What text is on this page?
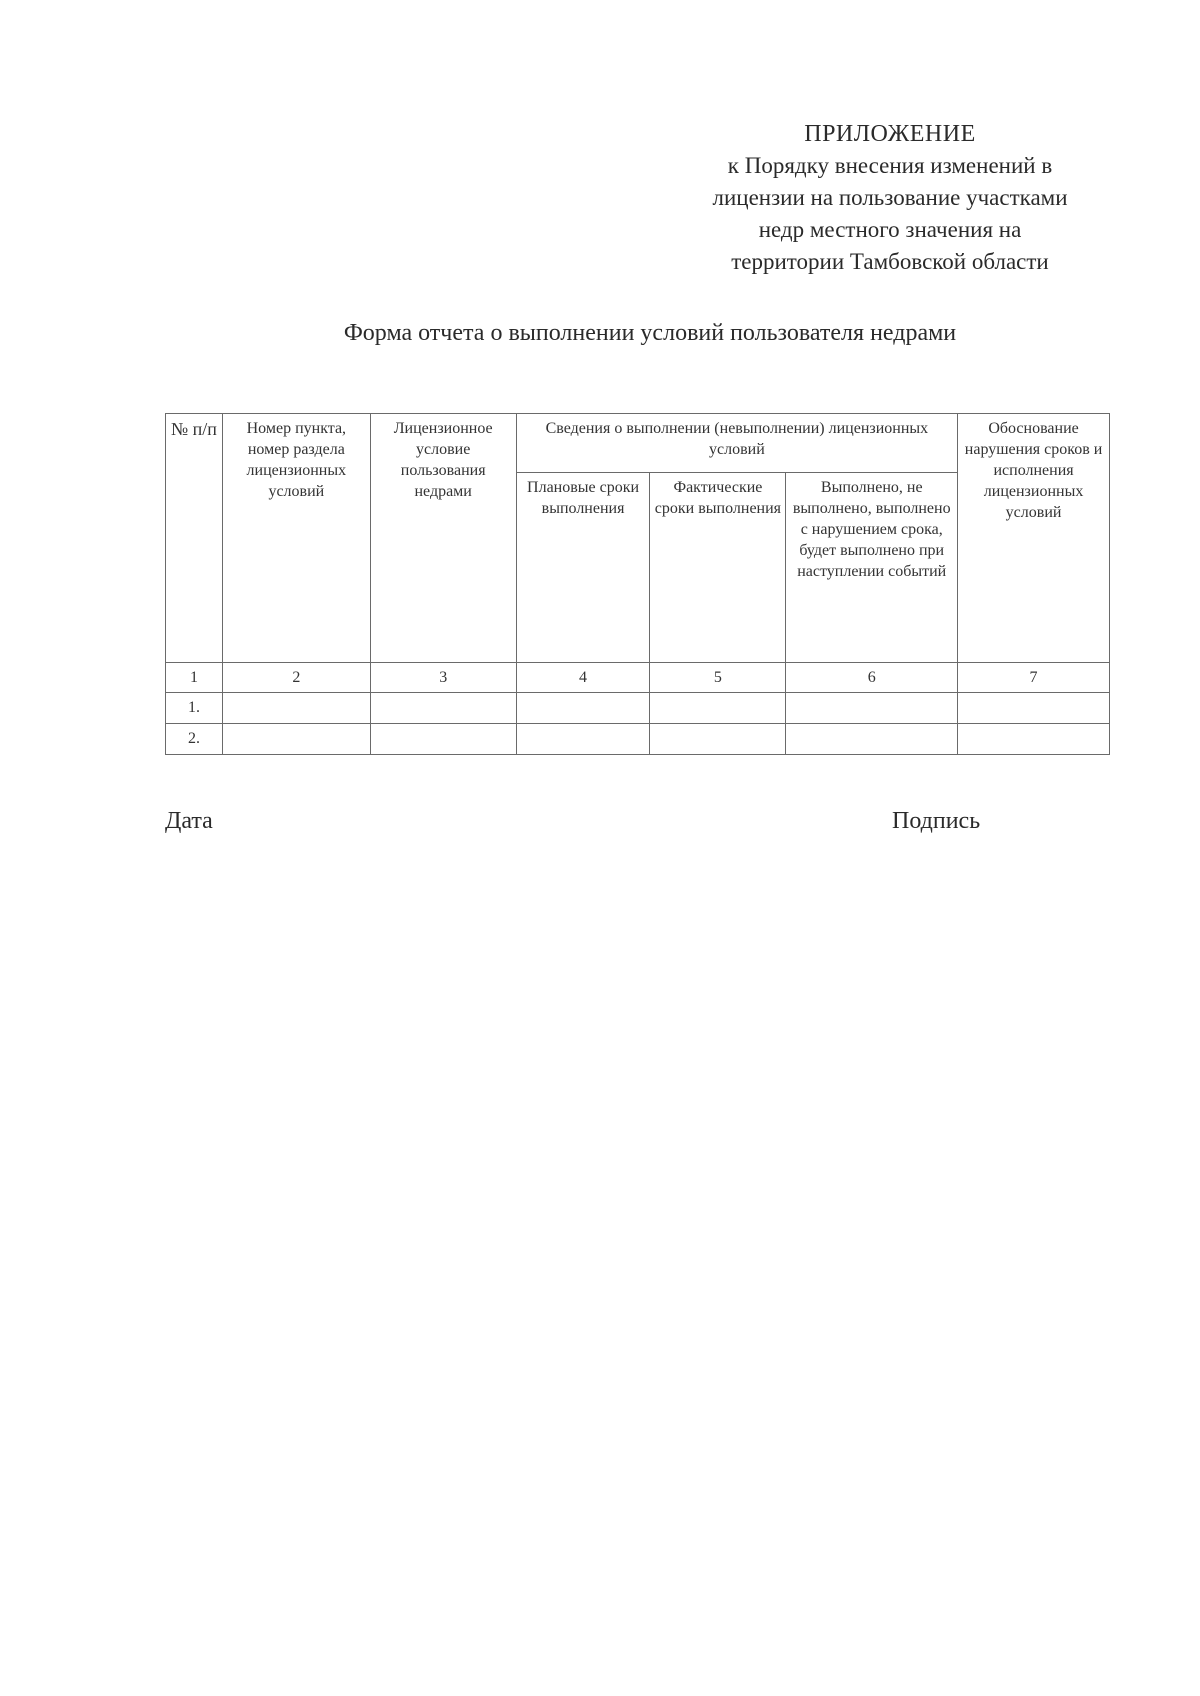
ПРИЛОЖЕНИЕ
к Порядку внесения изменений в
лицензии на пользование участками
недр местного значения на
территории Тамбовской области
Форма отчета о выполнении условий пользователя недрами
№ п/п	Номер пункта, номер раздела лицензионных условий	Лицензионное условие пользования недрами	Сведения о выполнении (невыполнении) лицензионных условий			Обоснование нарушения сроков и исполнения лицензионных условий
			Плановые сроки выполнения	Фактические сроки выполнения	Выполнено, не выполнено, выполнено с нарушением срока, будет выполнено при наступлении событий	
1	2	3	4	5	6	7
1.						
2.						
Дата	Подпись
